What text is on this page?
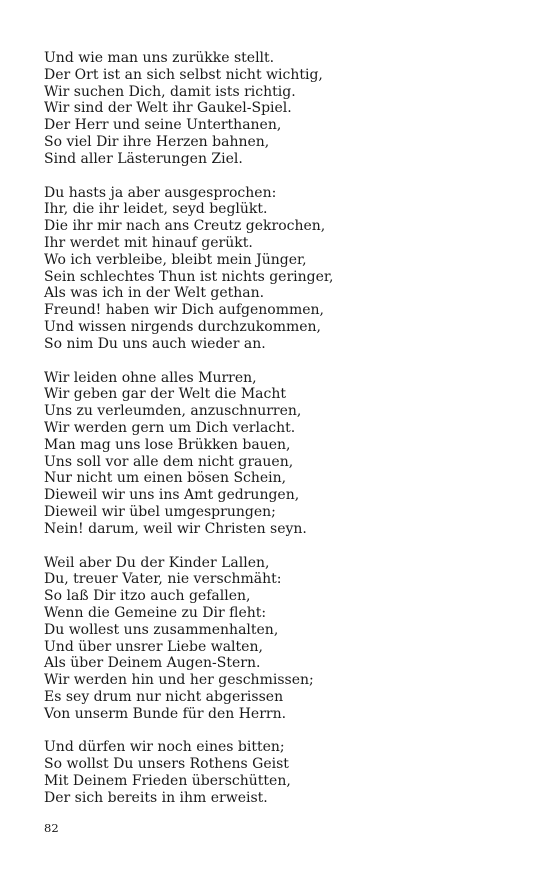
Und wie man uns zurükke stellt.
Der Ort ist an sich selbst nicht wichtig,
Wir suchen Dich, damit ists richtig.
Wir sind der Welt ihr Gaukel-Spiel.
Der Herr und seine Unterthanen,
So viel Dir ihre Herzen bahnen,
Sind aller Lästerungen Ziel.
Du hasts ja aber ausgesprochen:
Ihr, die ihr leidet, seyd beglükt.
Die ihr mir nach ans Creutz gekrochen,
Ihr werdet mit hinauf gerükt.
Wo ich verbleibe, bleibt mein Jünger,
Sein schlechtes Thun ist nichts geringer,
Als was ich in der Welt gethan.
Freund! haben wir Dich aufgenommen,
Und wissen nirgends durchzukommen,
So nim Du uns auch wieder an.
Wir leiden ohne alles Murren,
Wir geben gar der Welt die Macht
Uns zu verleumden, anzuschnurren,
Wir werden gern um Dich verlacht.
Man mag uns lose Brükken bauen,
Uns soll vor alle dem nicht grauen,
Nur nicht um einen bösen Schein,
Dieweil wir uns ins Amt gedrungen,
Dieweil wir übel umgesprungen;
Nein! darum, weil wir Christen seyn.
Weil aber Du der Kinder Lallen,
Du, treuer Vater, nie verschmäht:
So laß Dir itzo auch gefallen,
Wenn die Gemeine zu Dir fleht:
Du wollest uns zusammenhalten,
Und über unsrer Liebe walten,
Als über Deinem Augen-Stern.
Wir werden hin und her geschmissen;
Es sey drum nur nicht abgerissen
Von unserm Bunde für den Herrn.
Und dürfen wir noch eines bitten;
So wollst Du unsers Rothens Geist
Mit Deinem Frieden überschütten,
Der sich bereits in ihm erweist.
82
